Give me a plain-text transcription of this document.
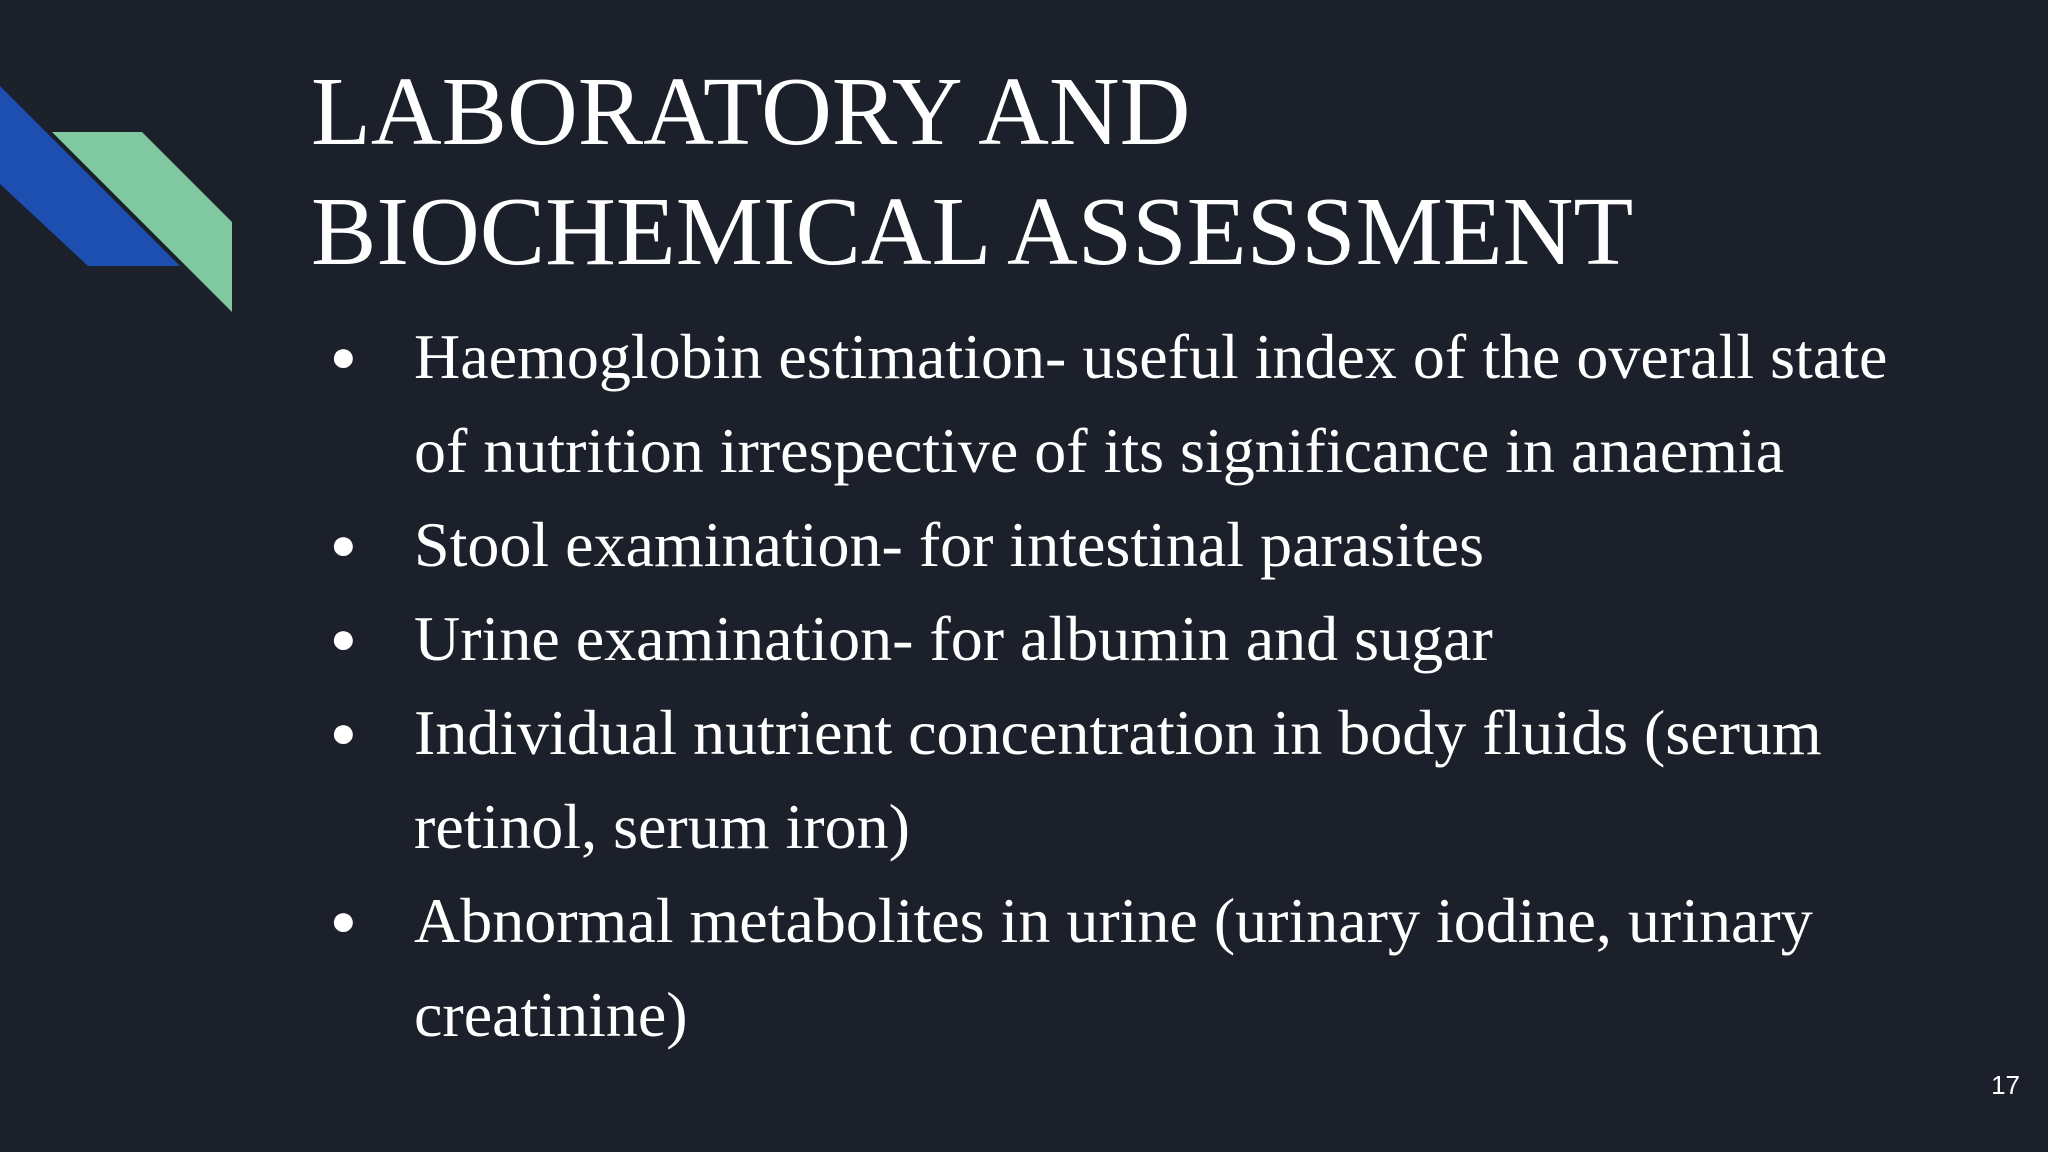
LABORATORY AND
BIOCHEMICAL ASSESSMENT
● Haemoglobin estimation- useful index of the overall state
of nutrition irrespective of its significance in anaemia
● Stool examination- for intestinal parasites
● Urine examination- for albumin and sugar
● Individual nutrient concentration in body fluids (serum
retinol, serum iron)
● Abnormal metabolites in urine (urinary iodine, urinary
creatinine)
17
